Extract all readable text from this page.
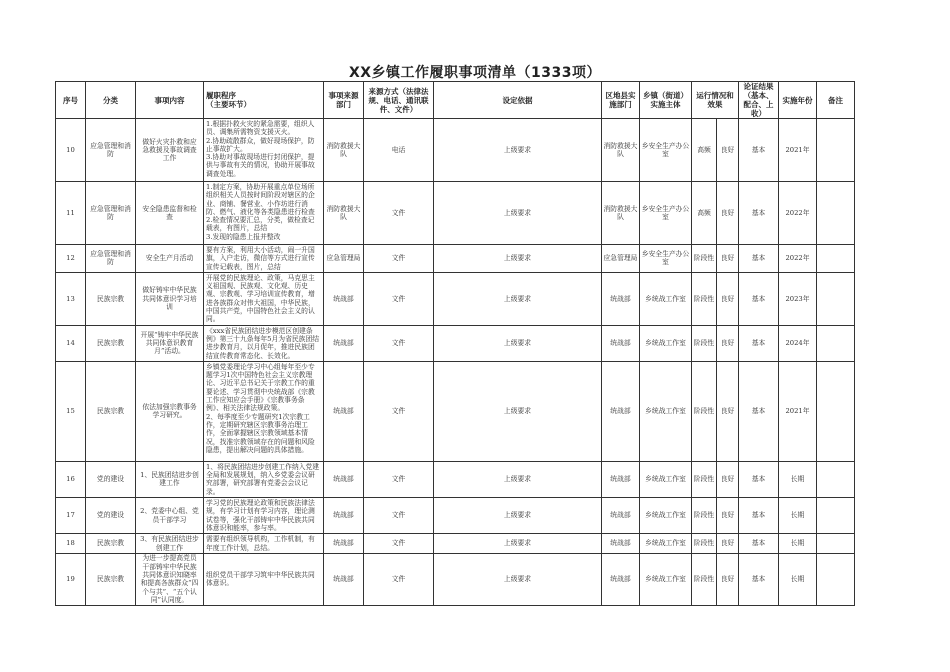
XX乡镇工作履职事项清单（1333项）
序号	分类	事项内容	履职程序
（主要环节）	事项来源部门	来源方式（法律法规、电话、通讯联件、文件）	设定依据	区地县实施部门	乡镇（街道）实施主体	运行情况和效果		论证结果（基本、配合、上收）	实施年份	备注
10	应急管理和消防	做好火灾扑救和应急救援及事故调查工作	1.根据扑救火灾的紧急需要，组织人员、调集所需物资支援灭火。
2.协助疏散群众，做好现场保护，防止事故扩大。
3.协助对事故现场进行封闭保护，提供与事故有关的情况，协助开展事故调查处理。	消防救援大队	电话	上级要求	消防救援大队	乡安全生产办公室	高频	良好	基本	2021年	
11	应急管理和消防	安全隐患监督和检查	1.制定方案，协助开展重点单位场所组织相关人员按时间阶段对辖区的企业、商铺、餐营业、小作坊进行消防、燃气、液化等各类隐患进行检查
2.检查情况要汇总，分类，做检查记载表，有图片，总结
3.发现的隐患上报并整改	消防救援大队	文件	上级要求	消防救援大队	乡安全生产办公室	高频	良好	基本	2022年	
12	应急管理和消防	安全生产月活动	要有方案，利用大小活动，闹一升国旗，入户走访，微信等方式进行宣传宣传记载表，图片，总结	应急管理局	文件	上级要求	应急管理局	乡安全生产办公室	阶段性	良好	基本	2022年	
13	民族宗教	做好铸牢中华民族共同体意识学习培训	开展党的民族理论、政策，马克思主义祖国观、民族观、文化观、历史观、宗教观、学习培训宣传教育，增进各族群众对伟大祖国，中华民族，中国共产党，中国特色社会主义的认同。	统战部	文件	上级要求	统战部	乡统战工作室	阶段性	良好	基本	2023年	
14	民族宗教	开展“铸牢中华民族共同体意识教育月”活动。	《xxx省民族团结进步模范区创建条例》第三十九条每年5月为省民族团结进步教育月，以月促年，推进民族团结宣传教育常态化、长效化。	统战部	文件	上级要求	统战部	乡统战工作室	阶段性	良好	基本	2024年	
15	民族宗教	依法加强宗教事务学习研究。	乡镇党委理论学习中心组每年至少专题学习1次中国特色社会主义宗教理论、习近平总书记关于宗教工作的重要论述、学习贯彻中央统战部《宗教工作应知应会手册》《宗教事务条例》、相关法律法规政策。
2、每季度至少专题研究1次宗教工作，定期研究辖区宗教事务治理工作，全面掌握辖区宗教领域基本情况，找准宗教领域存在的问题和风险隐患，提出解决问题的具体措施。	统战部	文件	上级要求	统战部	乡统战工作室	阶段性	良好	基本	2021年	
16	党的建设	1、民族团结进步创建工作	1、将民族团结进步创建工作纳入党建全局和发展规划，纳入乡党委会议研究部署，研究部署有党委会会议记录。	统战部	文件	上级要求	统战部	乡统战工作室	阶段性	良好	基本	长期	
17	党的建设	2、党委中心组、党员干部学习	学习党的民族理论政策和民族法律法规，有学习计划有学习内容，理论测试卷等，强化干部铸牢中华民族共同体意识和能率，参与率。	统战部	文件	上级要求	统战部	乡统战工作室	阶段性	良好	基本	长期	
18	民族宗教	3、有民族团结进步创建工作	需要有组织领导机构，工作机制，有年度工作计划，总结。	统战部	文件	上级要求	统战部	乡统战工作室	阶段性	良好	基本	长期	
19	民族宗教	为进一步提高党员干部铸牢中华民族共同体意识知晓率和提高各族群众“四个与共”、“五个认同”认同度。	组织党员干部学习筑牢中华民族共同体意识。	统战部	文件	上级要求	统战部	乡统战工作室	阶段性	良好	基本	长期	
